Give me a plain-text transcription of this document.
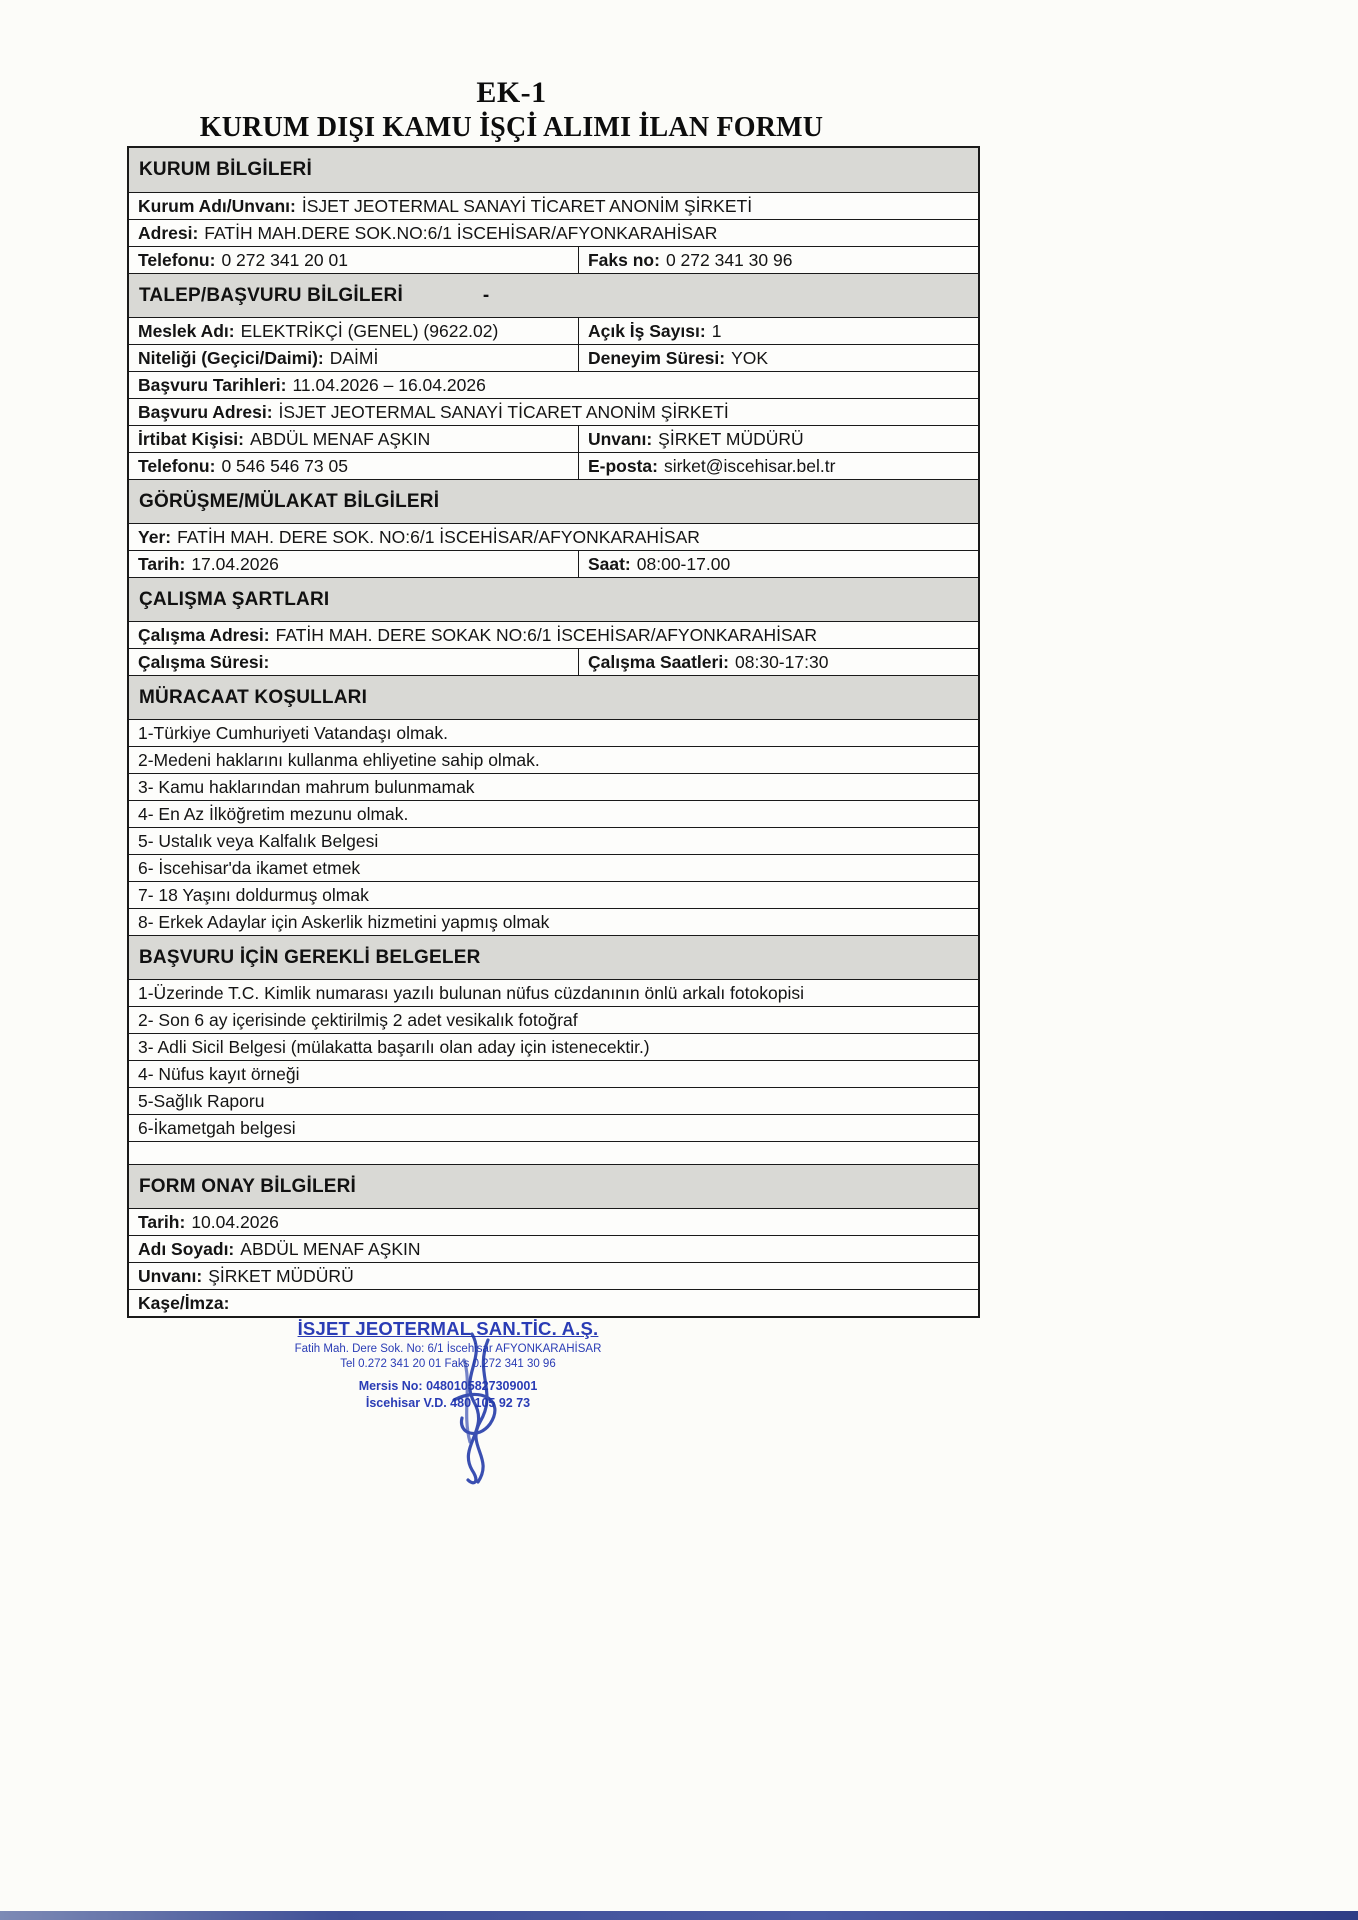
EK-1
KURUM DIŞI KAMU İŞÇİ ALIMI İLAN FORMU
KURUM BİLGİLERİ
Kurum Adı/Unvanı: İSJET JEOTERMAL SANAYİ TİCARET ANONİM ŞİRKETİ
Adresi: FATİH MAH.DERE SOK.NO:6/1 İSCEHİSAR/AFYONKARAHİSAR
Telefonu: 0 272 341 20 01	Faks no: 0 272 341 30 96
TALEP/BAŞVURU BİLGİLERİ	-
Meslek Adı: ELEKTRİKÇİ (GENEL) (9622.02)	Açık İş Sayısı: 1
Niteliği (Geçici/Daimi): DAİMİ	Deneyim Süresi: YOK
Başvuru Tarihleri: 11.04.2026 – 16.04.2026
Başvuru Adresi: İSJET JEOTERMAL SANAYİ TİCARET ANONİM ŞİRKETİ
İrtibat Kişisi: ABDÜL MENAF AŞKIN	Unvanı: ŞİRKET MÜDÜRÜ
Telefonu: 0 546 546 73 05	E-posta: sirket@iscehisar.bel.tr
GÖRÜŞME/MÜLAKAT BİLGİLERİ
Yer: FATİH MAH. DERE SOK. NO:6/1 İSCEHİSAR/AFYONKARAHİSAR
Tarih: 17.04.2026	Saat: 08:00-17.00
ÇALIŞMA ŞARTLARI
Çalışma Adresi: FATİH MAH. DERE SOKAK NO:6/1 İSCEHİSAR/AFYONKARAHİSAR
Çalışma Süresi:	Çalışma Saatleri: 08:30-17:30
MÜRACAAT KOŞULLARI
1-Türkiye Cumhuriyeti Vatandaşı olmak.
2-Medeni haklarını kullanma ehliyetine sahip olmak.
3- Kamu haklarından mahrum bulunmamak
4- En Az İlköğretim mezunu olmak.
5- Ustalık veya Kalfalık Belgesi
6- İscehisar'da ikamet etmek
7- 18 Yaşını doldurmuş olmak
8- Erkek Adaylar için Askerlik hizmetini yapmış olmak
BAŞVURU İÇİN GEREKLİ BELGELER
1-Üzerinde T.C. Kimlik numarası yazılı bulunan nüfus cüzdanının önlü arkalı fotokopisi
2- Son 6 ay içerisinde çektirilmiş 2 adet vesikalık fotoğraf
3- Adli Sicil Belgesi (mülakatta başarılı olan aday için istenecektir.)
4- Nüfus kayıt örneği
5-Sağlık Raporu
6-İkametgah belgesi
FORM ONAY BİLGİLERİ
Tarih: 10.04.2026
Adı Soyadı: ABDÜL MENAF AŞKIN
Unvanı: ŞİRKET MÜDÜRÜ
Kaşe/İmza:
İSJET JEOTERMAL SAN.TİC. A.Ş.
Fatih Mah. Dere Sok. No: 6/1 İscehisar AFYONKARAHİSAR
Tel 0.272 341 20 01 Faks 0.272 341 30 96
Mersis No: 0480105827309001
İscehisar V.D. 480 105 92 73
